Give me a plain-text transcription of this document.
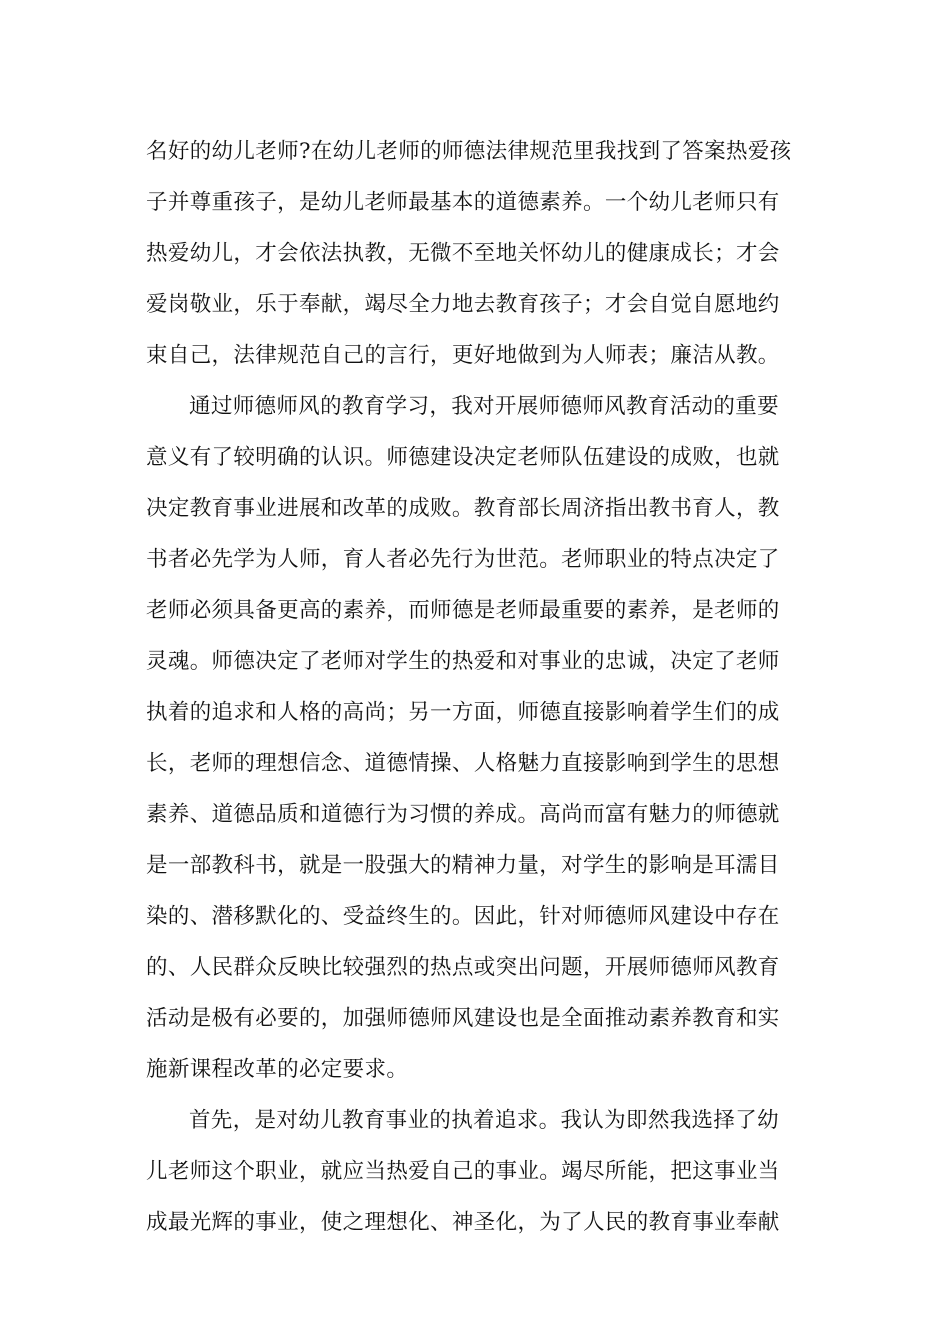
名好的幼儿老师?在幼儿老师的师德法律规范里我找到了答案热爱孩
子并尊重孩子，是幼儿老师最基本的道德素养。一个幼儿老师只有
热爱幼儿，才会依法执教，无微不至地关怀幼儿的健康成长；才会
爱岗敬业，乐于奉献，竭尽全力地去教育孩子；才会自觉自愿地约
束自己，法律规范自己的言行，更好地做到为人师表；廉洁从教。
通过师德师风的教育学习，我对开展师德师风教育活动的重要
意义有了较明确的认识。师德建设决定老师队伍建设的成败，也就
决定教育事业进展和改革的成败。教育部长周济指出教书育人，教
书者必先学为人师，育人者必先行为世范。老师职业的特点决定了
老师必须具备更高的素养，而师德是老师最重要的素养，是老师的
灵魂。师德决定了老师对学生的热爱和对事业的忠诚，决定了老师
执着的追求和人格的高尚；另一方面，师德直接影响着学生们的成
长，老师的理想信念、道德情操、人格魅力直接影响到学生的思想
素养、道德品质和道德行为习惯的养成。高尚而富有魅力的师德就
是一部教科书，就是一股强大的精神力量，对学生的影响是耳濡目
染的、潜移默化的、受益终生的。因此，针对师德师风建设中存在
的、人民群众反映比较强烈的热点或突出问题，开展师德师风教育
活动是极有必要的，加强师德师风建设也是全面推动素养教育和实
施新课程改革的必定要求。
首先，是对幼儿教育事业的执着追求。我认为即然我选择了幼
儿老师这个职业，就应当热爱自己的事业。竭尽所能，把这事业当
成最光辉的事业，使之理想化、神圣化，为了人民的教育事业奉献
